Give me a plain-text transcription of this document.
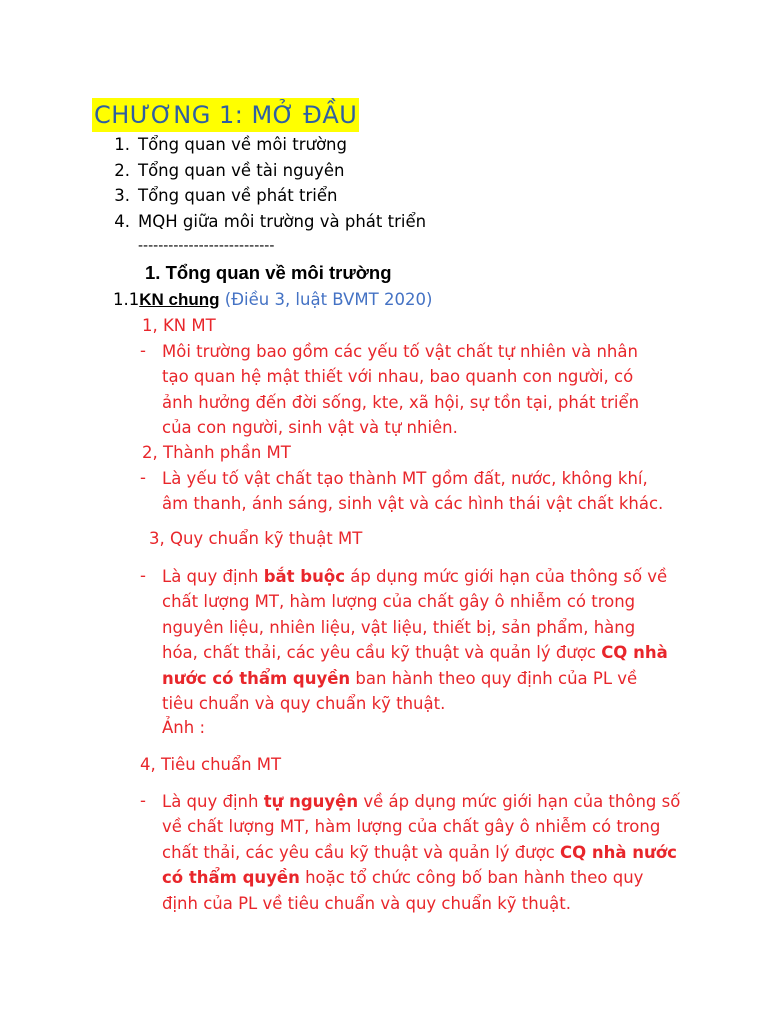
CHƯƠNG 1: MỞ ĐẦU
1. Tổng quan về môi trường
2. Tổng quan về tài nguyên
3. Tổng quan về phát triển
4. MQH giữa môi trường và phát triển
---------------------------
1. Tổng quan về môi trường
1.1KN chung (Điều 3, luật BVMT 2020)
1, KN MT
- Môi trường bao gồm các yếu tố vật chất tự nhiên và nhân tạo quan hệ mật thiết với nhau, bao quanh con người, có ảnh hưởng đến đời sống, kte, xã hội, sự tồn tại, phát triển của con người, sinh vật và tự nhiên.
2, Thành phần MT
- Là yếu tố vật chất tạo thành MT gồm đất, nước, không khí, âm thanh, ánh sáng, sinh vật và các hình thái vật chất khác.
3, Quy chuẩn kỹ thuật MT
- Là quy định bắt buộc áp dụng mức giới hạn của thông số về chất lượng MT, hàm lượng của chất gây ô nhiễm có trong nguyên liệu, nhiên liệu, vật liệu, thiết bị, sản phẩm, hàng hóa, chất thải, các yêu cầu kỹ thuật và quản lý được CQ nhà nước có thẩm quyền ban hành theo quy định của PL về tiêu chuẩn và quy chuẩn kỹ thuật.
Ảnh :
4, Tiêu chuẩn MT
- Là quy định tự nguyện về áp dụng mức giới hạn của thông số về chất lượng MT, hàm lượng của chất gây ô nhiễm có trong chất thải, các yêu cầu kỹ thuật và quản lý được CQ nhà nước có thẩm quyền hoặc tổ chức công bố ban hành theo quy định của PL về tiêu chuẩn và quy chuẩn kỹ thuật.
